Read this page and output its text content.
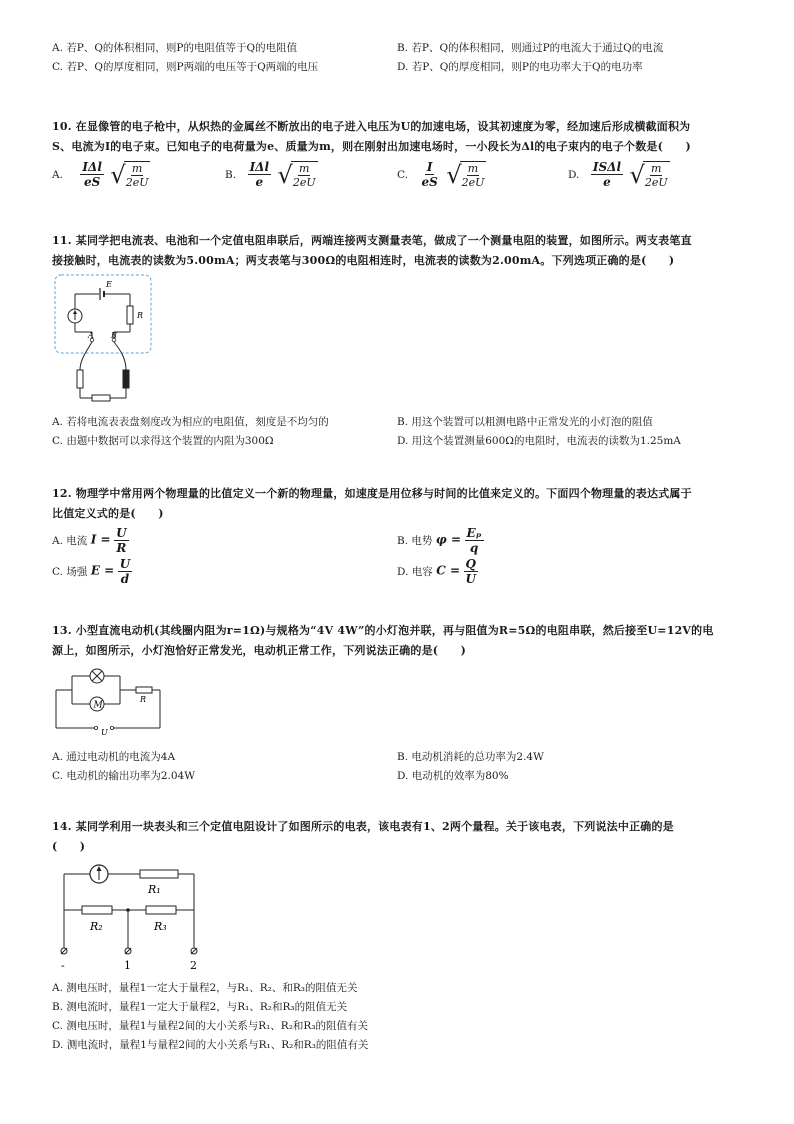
A. 若P、Q的体积相同，则P的电阻值等于Q的电阻值	B. 若P、Q的体积相同，则通过P的电流大于通过Q的电流
C. 若P、Q的厚度相同，则P两端的电压等于Q两端的电压	D. 若P、Q的厚度相同，则P的电功率大于Q的电功率
10. 在显像管的电子枪中，从炽热的金属丝不断放出的电子进入电压为U的加速电场，设其初速度为零，经加速后形成横截面积为
S、电流为I的电子束。已知电子的电荷量为e、质量为m，则在刚射出加速电场时，一小段长为Δl的电子束内的电子个数是(　　)
A.
IΔl
eS √
$\frac{m}{2eU}$	B.
IΔl
e √
$\frac{m}{2eU}$	C. $\frac{I}{eS}$ √
$\frac{m}{2eU}$	D.
ISΔl
e √
$\frac{m}{2eU}$
11. 某同学把电流表、电池和一个定值电阻串联后，两端连接两支测量表笔，做成了一个测量电阻的装置，如图所示。两支表笔直
接接触时，电流表的读数为5.00mA；两支表笔与300Ω的电阻相连时，电流表的读数为2.00mA。下列选项正确的是(　　)
E
R
A B
A. 若将电流表表盘刻度改为相应的电阻值，刻度是不均匀的	B. 用这个装置可以粗测电路中正常发光的小灯泡的阻值
C. 由题中数据可以求得这个装置的内阻为300Ω	D. 用这个装置测量600Ω的电阻时，电流表的读数为1.25mA
12. 物理学中常用两个物理量的比值定义一个新的物理量，如速度是用位移与时间的比值来定义的。下面四个物理量的表达式属于
比值定义式的是(　　)
A. 电流 $I = \frac{U}{R}$	B. 电势 $\varphi = \frac{\text{Eₚ}}{q}$
C. 场强 $E = \frac{U}{d}$	D. 电容 $C = \frac{Q}{U}$
13. 小型直流电动机(其线圈内阻为r=1Ω)与规格为“4V 4W”的小灯泡并联，再与阻值为R=5Ω的电阻串联，然后接至U=12V的电
源上，如图所示，小灯泡恰好正常发光，电动机正常工作，下列说法正确的是(　　)
M
R
U
A. 通过电动机的电流为4A	B. 电动机消耗的总功率为2.4W
C. 电动机的输出功率为2.04W	D. 电动机的效率为80%
14. 某同学利用一块表头和三个定值电阻设计了如图所示的电表，该电表有1、2两个量程。关于该电表，下列说法中正确的是
(　　)
R₁
R₂	R₃
-	1	2
A. 测电压时，量程1一定大于量程2，与R₁、R₂、和R₃的阻值无关
B. 测电流时，量程1一定大于量程2，与R₁、R₂和R₃的阻值无关
C. 测电压时，量程1与量程2间的大小关系与R₁、R₂和R₃的阻值有关
D. 测电流时，量程1与量程2间的大小关系与R₁、R₂和R₃的阻值有关
